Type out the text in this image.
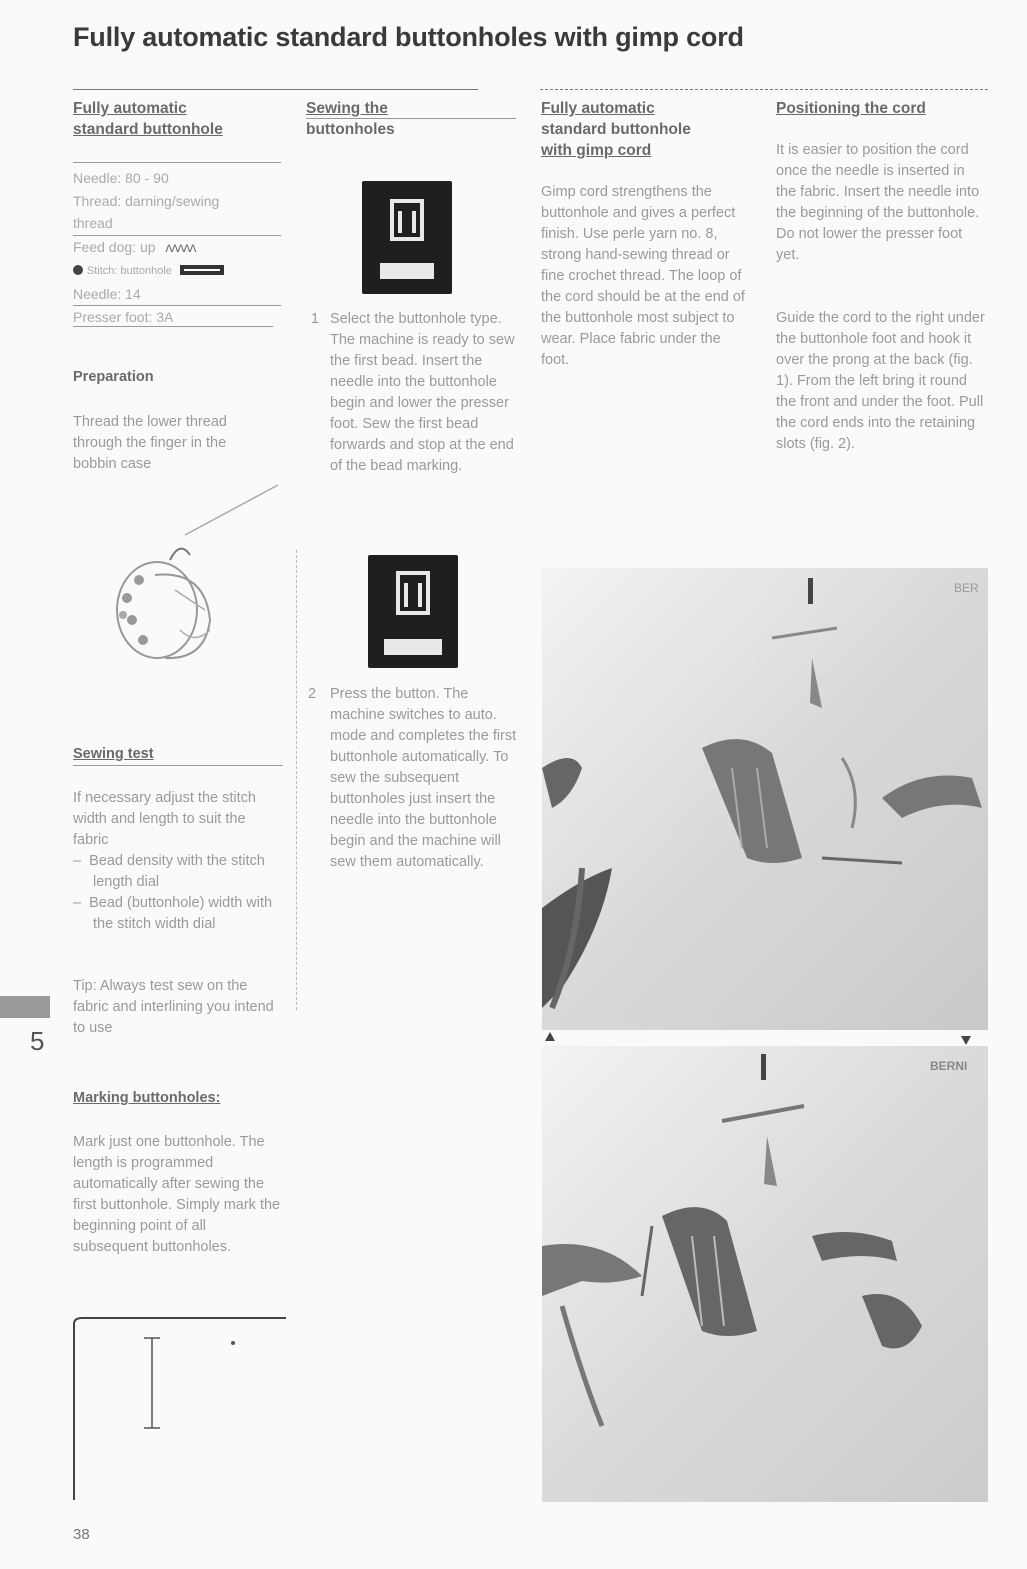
Fully automatic standard buttonholes with gimp cord
Fully automatic
standard buttonhole
Needle: 80 - 90
Thread: darning/sewing
thread
Feed dog: up ʌʌʌʌʌ
Stitch: buttonhole
Needle: 14
Presser foot: 3A
Preparation
Thread the lower thread through the finger in the bobbin case
Sewing test
If necessary adjust the stitch width and length to suit the fabric
–  Bead density with the stitch length dial
–  Bead (buttonhole) width with the stitch width dial
Tip: Always test sew on the fabric and interlining you intend to use
Marking buttonholes:
Mark just one buttonhole. The length is programmed automatically after sewing the first buttonhole. Simply mark the beginning point of all subsequent buttonholes.
5
38
Sewing the
buttonholes
1 Select the buttonhole type. The machine is ready to sew the first bead. Insert the needle into the buttonhole begin and lower the presser foot. Sew the first bead forwards and stop at the end of the bead marking.
2 Press the button. The machine switches to auto. mode and completes the first buttonhole automatically. To sew the subsequent buttonholes just insert the needle into the buttonhole begin and the machine will sew them automatically.
Fully automatic
standard buttonhole
with gimp cord
Gimp cord strengthens the buttonhole and gives a perfect finish. Use perle yarn no. 8, strong hand-sewing thread or fine crochet thread. The loop of the cord should be at the end of the buttonhole most subject to wear. Place fabric under the foot.
Positioning the cord
It is easier to position the cord once the needle is inserted in the fabric. Insert the needle into the beginning of the buttonhole. Do not lower the presser foot yet.
Guide the cord to the right under the buttonhole foot and hook it over the prong at the back (fig. 1). From the left bring it round the front and under the foot. Pull the cord ends into the retaining slots (fig. 2).
BER
BERNI
